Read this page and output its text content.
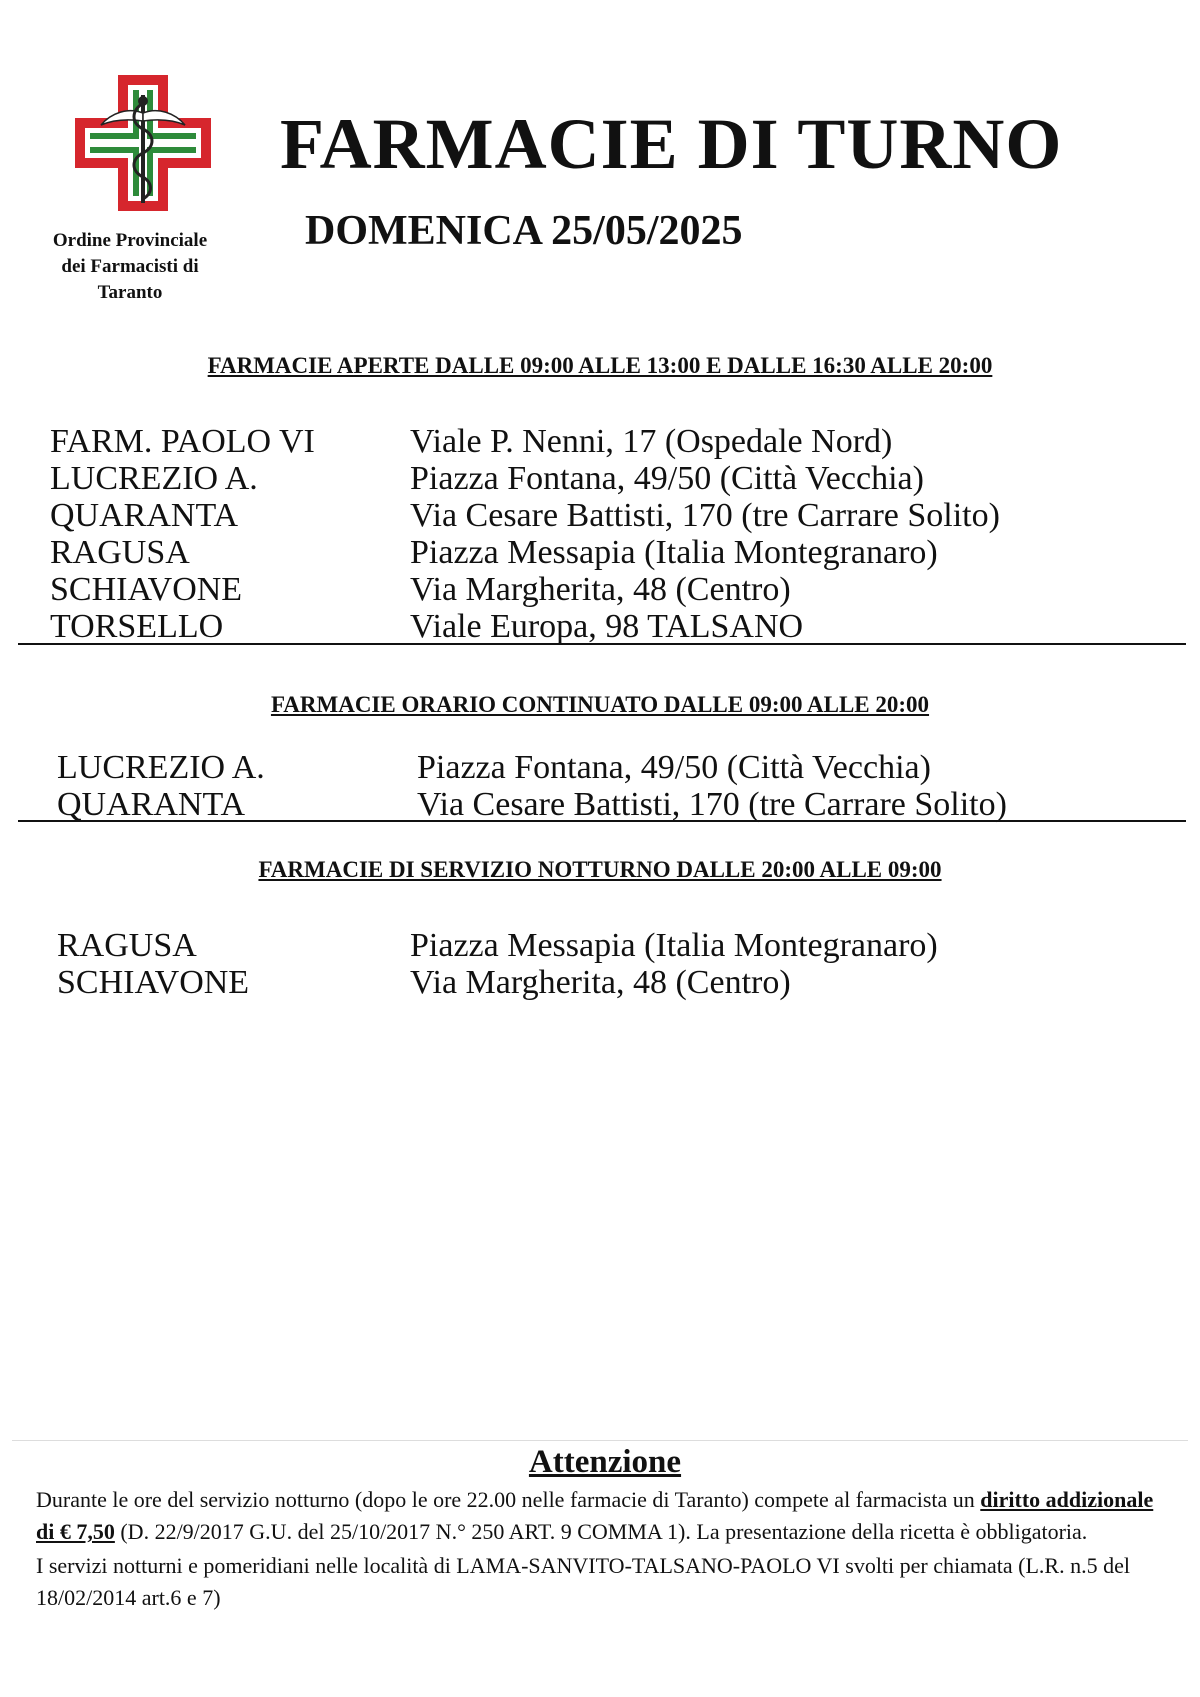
Ordine Provinciale
dei Farmacisti di
Taranto
FARMACIE DI TURNO
DOMENICA 25/05/2025
FARMACIE APERTE DALLE 09:00 ALLE 13:00 E DALLE 16:30 ALLE 20:00
FARM. PAOLO VI	Viale P. Nenni, 17 (Ospedale Nord)
LUCREZIO A.	Piazza Fontana, 49/50 (Città Vecchia)
QUARANTA	Via Cesare Battisti, 170 (tre Carrare Solito)
RAGUSA	Piazza Messapia (Italia Montegranaro)
SCHIAVONE	Via Margherita, 48 (Centro)
TORSELLO	Viale Europa, 98 TALSANO
FARMACIE ORARIO CONTINUATO DALLE 09:00 ALLE 20:00
LUCREZIO A.	Piazza Fontana, 49/50 (Città Vecchia)
QUARANTA	Via Cesare Battisti, 170 (tre Carrare Solito)
FARMACIE DI SERVIZIO NOTTURNO DALLE 20:00 ALLE 09:00
RAGUSA	Piazza Messapia (Italia Montegranaro)
SCHIAVONE	Via Margherita, 48 (Centro)
Attenzione

Durante le ore del servizio notturno (dopo le ore 22.00 nelle farmacie di Taranto) compete al farmacista un diritto addizionale di € 7,50 (D. 22/9/2017 G.U. del 25/10/2017 N.° 250 ART. 9 COMMA 1). La presentazione della ricetta è obbligatoria.

I servizi notturni e pomeridiani nelle località di LAMA-SANVITO-TALSANO-PAOLO VI svolti per chiamata (L.R. n.5 del 18/02/2014 art.6 e 7)
